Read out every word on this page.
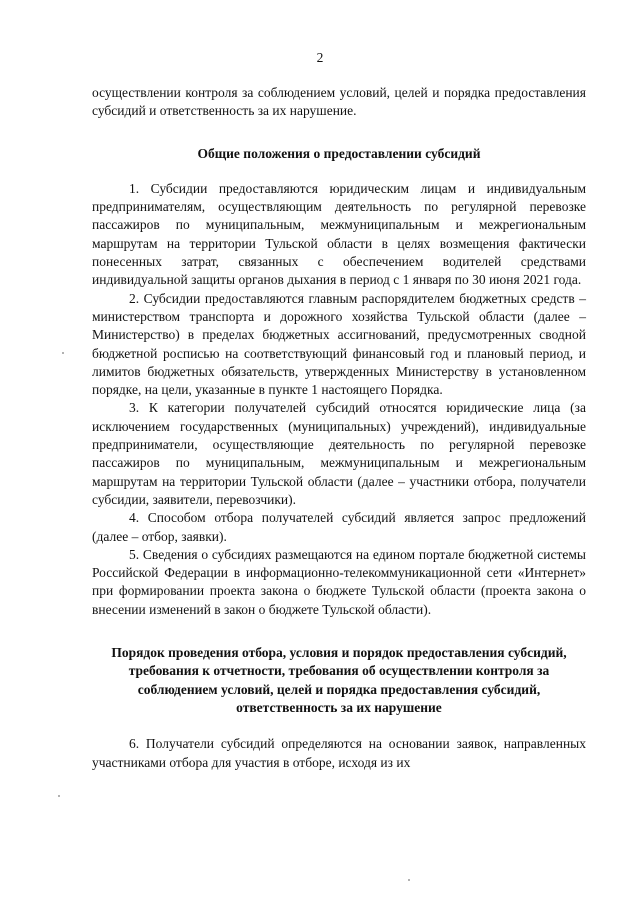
2

осуществлении контроля за соблюдением условий, целей и порядка предоставления субсидий и ответственность за их нарушение.

Общие положения о предоставлении субсидий

1. Субсидии предоставляются юридическим лицам и индивидуальным предпринимателям, осуществляющим деятельность по регулярной перевозке пассажиров по муниципальным, межмуниципальным и межрегиональным маршрутам на территории Тульской области в целях возмещения фактически понесенных затрат, связанных с обеспечением водителей средствами индивидуальной защиты органов дыхания в период с 1 января по 30 июня 2021 года.

2. Субсидии предоставляются главным распорядителем бюджетных средств – министерством транспорта и дорожного хозяйства Тульской области (далее – Министерство) в пределах бюджетных ассигнований, предусмотренных сводной бюджетной росписью на соответствующий финансовый год и плановый период, и лимитов бюджетных обязательств, утвержденных Министерству в установленном порядке, на цели, указанные в пункте 1 настоящего Порядка.

3. К категории получателей субсидий относятся юридические лица (за исключением государственных (муниципальных) учреждений), индивидуальные предприниматели, осуществляющие деятельность по регулярной перевозке пассажиров по муниципальным, межмуниципальным и межрегиональным маршрутам на территории Тульской области (далее – участники отбора, получатели субсидии, заявители, перевозчики).

4. Способом отбора получателей субсидий является запрос предложений (далее – отбор, заявки).

5. Сведения о субсидиях размещаются на едином портале бюджетной системы Российской Федерации в информационно-телекоммуникационной сети «Интернет» при формировании проекта закона о бюджете Тульской области (проекта закона о внесении изменений в закон о бюджете Тульской области).

Порядок проведения отбора, условия и порядок предоставления субсидий, требования к отчетности, требования об осуществлении контроля за соблюдением условий, целей и порядка предоставления субсидий, ответственность за их нарушение

6. Получатели субсидий определяются на основании заявок, направленных участниками отбора для участия в отборе, исходя из их
